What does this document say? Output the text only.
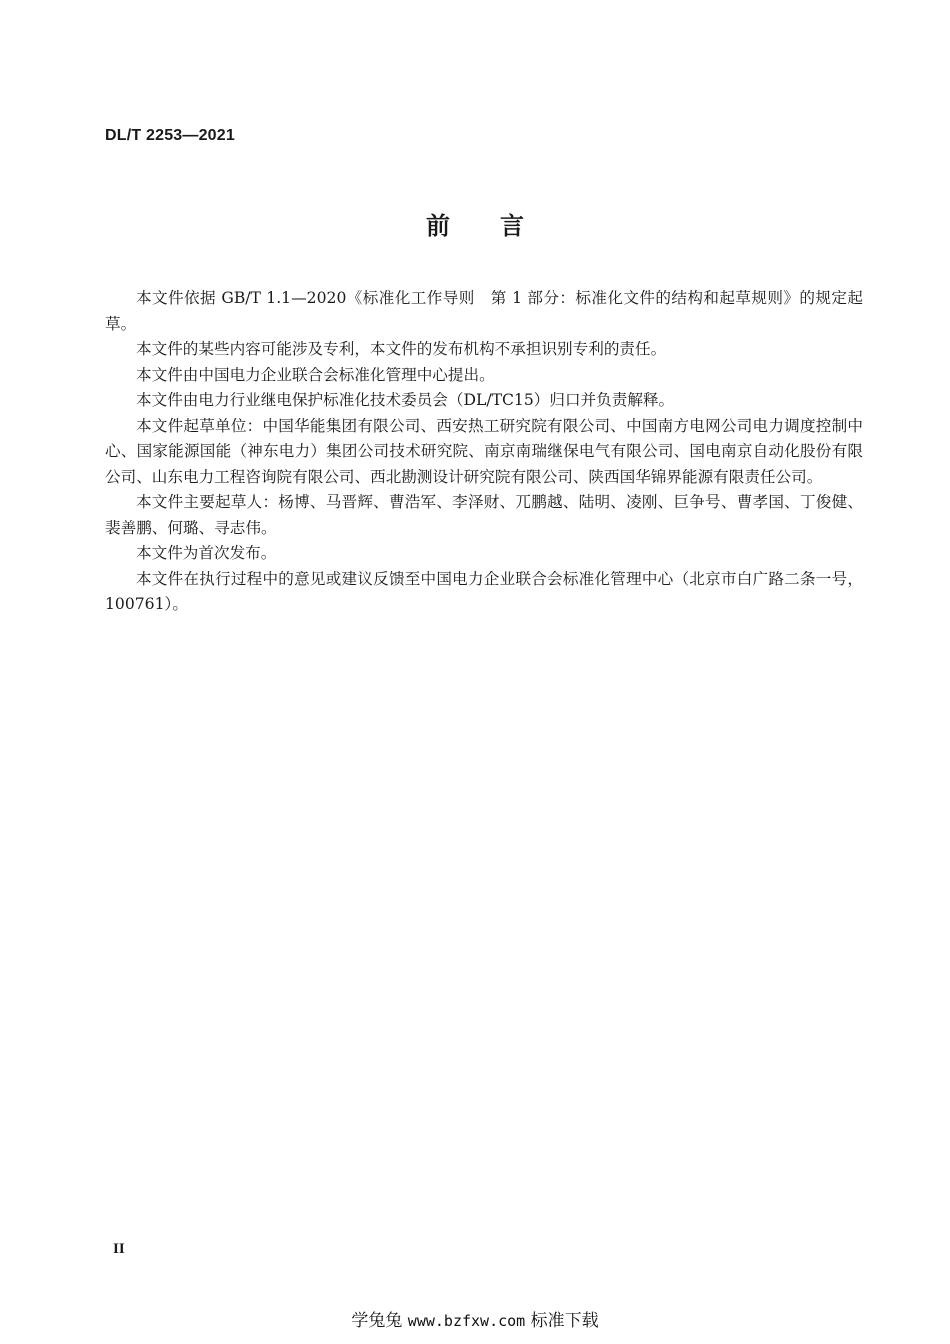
DL/T 2253—2021
前言

本文件依据 GB/T 1.1—2020《标准化工作导则　第 1 部分：标准化文件的结构和起草规则》的规定起草。

本文件的某些内容可能涉及专利，本文件的发布机构不承担识别专利的责任。

本文件由中国电力企业联合会标准化管理中心提出。

本文件由电力行业继电保护标准化技术委员会（DL/TC15）归口并负责解释。

本文件起草单位：中国华能集团有限公司、西安热工研究院有限公司、中国南方电网公司电力调度控制中心、国家能源国能（神东电力）集团公司技术研究院、南京南瑞继保电气有限公司、国电南京自动化股份有限公司、山东电力工程咨询院有限公司、西北勘测设计研究院有限公司、陕西国华锦界能源有限责任公司。

本文件主要起草人：杨博、马晋辉、曹浩军、李泽财、兀鹏越、陆明、凌刚、巨争号、曹孝国、丁俊健、裴善鹏、何璐、寻志伟。

本文件为首次发布。

本文件在执行过程中的意见或建议反馈至中国电力企业联合会标准化管理中心（北京市白广路二条一号，100761）。

II
学兔兔 www.bzfxw.com 标准下载
